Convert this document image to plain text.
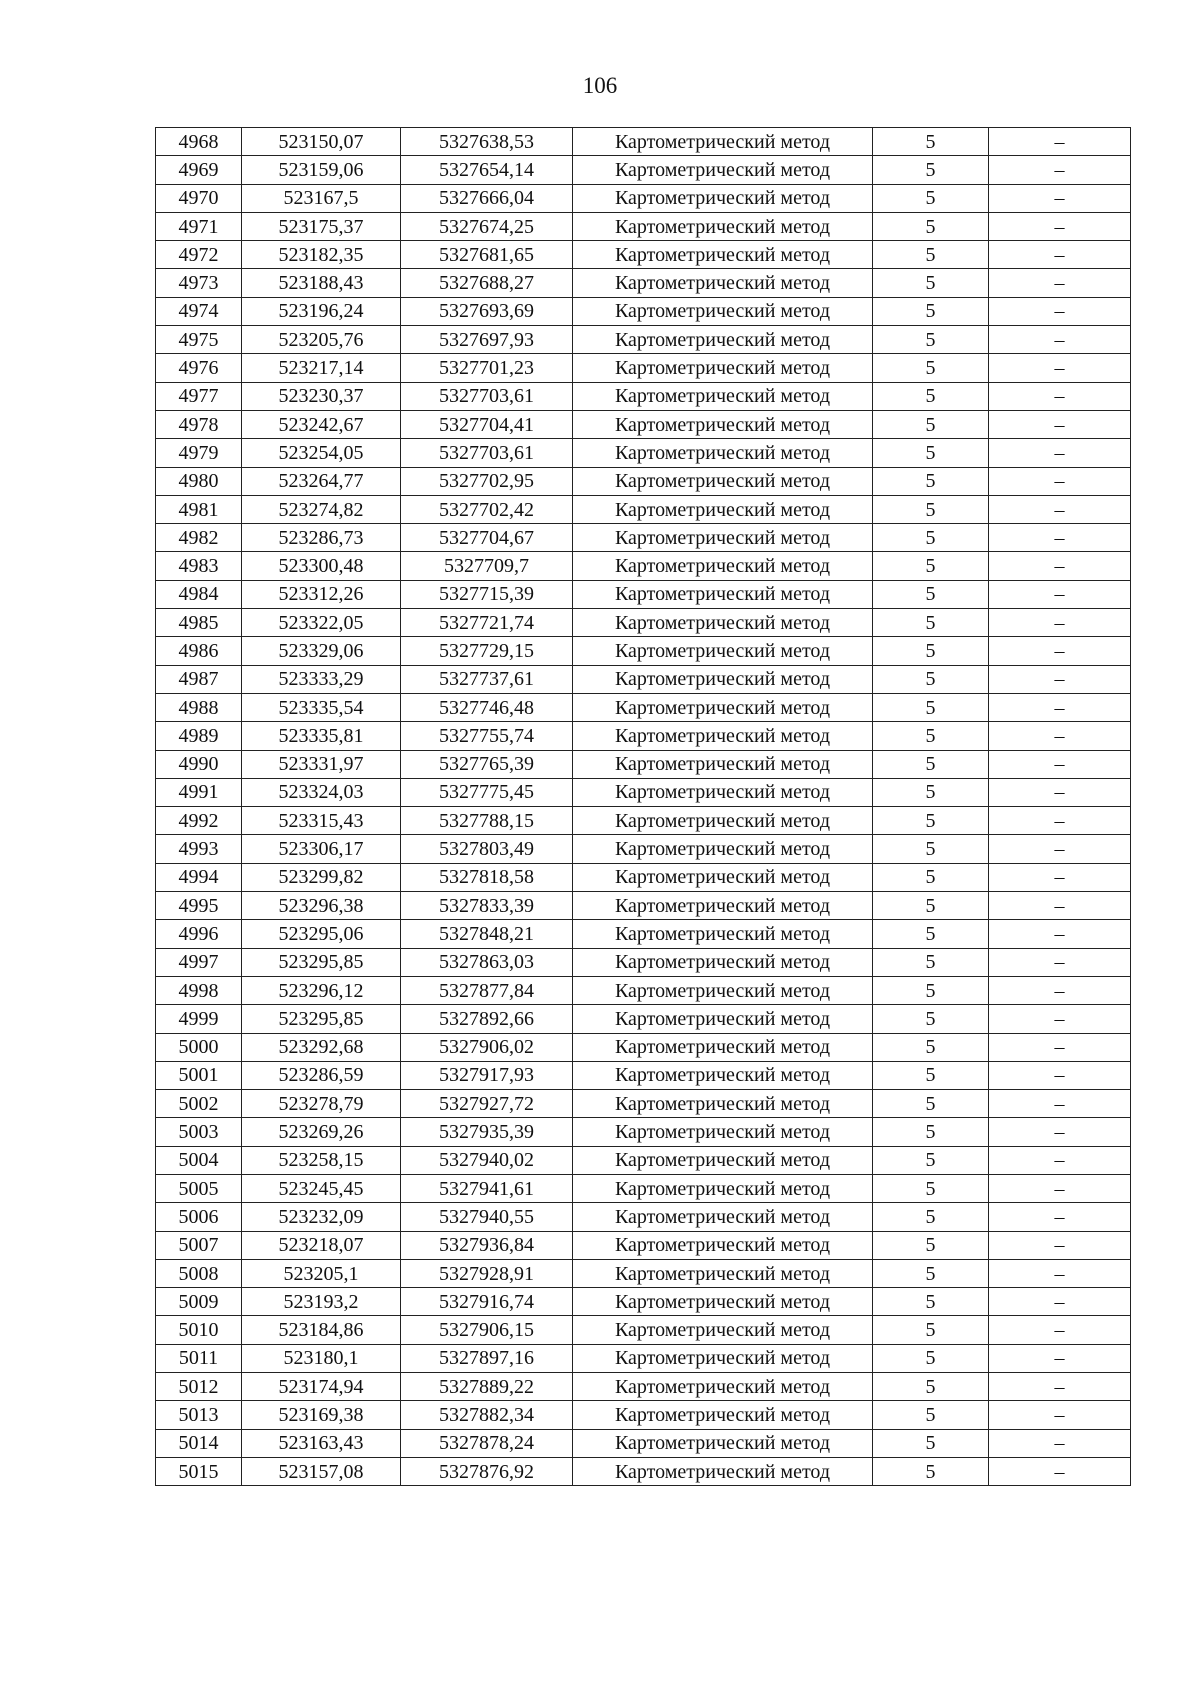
106
4968	523150,07	5327638,53	Картометрический метод	5	–
4969	523159,06	5327654,14	Картометрический метод	5	–
4970	523167,5	5327666,04	Картометрический метод	5	–
4971	523175,37	5327674,25	Картометрический метод	5	–
4972	523182,35	5327681,65	Картометрический метод	5	–
4973	523188,43	5327688,27	Картометрический метод	5	–
4974	523196,24	5327693,69	Картометрический метод	5	–
4975	523205,76	5327697,93	Картометрический метод	5	–
4976	523217,14	5327701,23	Картометрический метод	5	–
4977	523230,37	5327703,61	Картометрический метод	5	–
4978	523242,67	5327704,41	Картометрический метод	5	–
4979	523254,05	5327703,61	Картометрический метод	5	–
4980	523264,77	5327702,95	Картометрический метод	5	–
4981	523274,82	5327702,42	Картометрический метод	5	–
4982	523286,73	5327704,67	Картометрический метод	5	–
4983	523300,48	5327709,7	Картометрический метод	5	–
4984	523312,26	5327715,39	Картометрический метод	5	–
4985	523322,05	5327721,74	Картометрический метод	5	–
4986	523329,06	5327729,15	Картометрический метод	5	–
4987	523333,29	5327737,61	Картометрический метод	5	–
4988	523335,54	5327746,48	Картометрический метод	5	–
4989	523335,81	5327755,74	Картометрический метод	5	–
4990	523331,97	5327765,39	Картометрический метод	5	–
4991	523324,03	5327775,45	Картометрический метод	5	–
4992	523315,43	5327788,15	Картометрический метод	5	–
4993	523306,17	5327803,49	Картометрический метод	5	–
4994	523299,82	5327818,58	Картометрический метод	5	–
4995	523296,38	5327833,39	Картометрический метод	5	–
4996	523295,06	5327848,21	Картометрический метод	5	–
4997	523295,85	5327863,03	Картометрический метод	5	–
4998	523296,12	5327877,84	Картометрический метод	5	–
4999	523295,85	5327892,66	Картометрический метод	5	–
5000	523292,68	5327906,02	Картометрический метод	5	–
5001	523286,59	5327917,93	Картометрический метод	5	–
5002	523278,79	5327927,72	Картометрический метод	5	–
5003	523269,26	5327935,39	Картометрический метод	5	–
5004	523258,15	5327940,02	Картометрический метод	5	–
5005	523245,45	5327941,61	Картометрический метод	5	–
5006	523232,09	5327940,55	Картометрический метод	5	–
5007	523218,07	5327936,84	Картометрический метод	5	–
5008	523205,1	5327928,91	Картометрический метод	5	–
5009	523193,2	5327916,74	Картометрический метод	5	–
5010	523184,86	5327906,15	Картометрический метод	5	–
5011	523180,1	5327897,16	Картометрический метод	5	–
5012	523174,94	5327889,22	Картометрический метод	5	–
5013	523169,38	5327882,34	Картометрический метод	5	–
5014	523163,43	5327878,24	Картометрический метод	5	–
5015	523157,08	5327876,92	Картометрический метод	5	–
